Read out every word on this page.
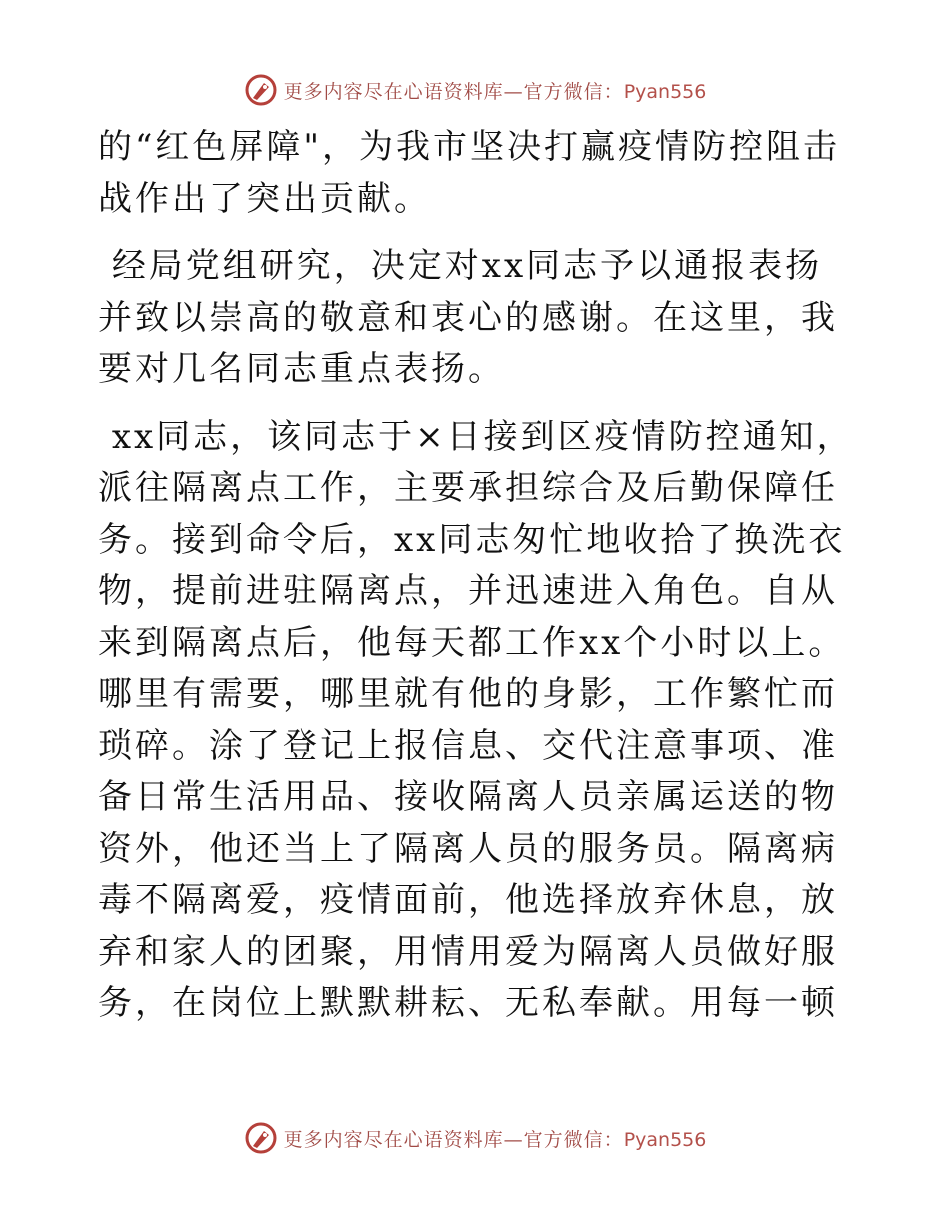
更多内容尽在心语资料库—官方微信：Pyan556

的“红色屏障"，为我市坚决打赢疫情防控阻击战作出了突出贡献。

经局党组研究，决定对xx同志予以通报表扬并致以崇高的敬意和衷心的感谢。在这里，我要对几名同志重点表扬。

xx同志，该同志于×日接到区疫情防控通知，派往隔离点工作，主要承担综合及后勤保障任务。接到命令后，xx同志匆忙地收拾了换洗衣物，提前进驻隔离点，并迅速进入角色。自从来到隔离点后，他每天都工作xx个小时以上。哪里有需要，哪里就有他的身影，工作繁忙而琐碎。涂了登记上报信息、交代注意事项、准备日常生活用品、接收隔离人员亲属运送的物资外，他还当上了隔离人员的服务员。隔离病毒不隔离爱，疫情面前，他选择放弃休息，放弃和家人的团聚，用情用爱为隔离人员做好服务，在岗位上默默耕耘、无私奉献。用每一顿

更多内容尽在心语资料库—官方微信：Pyan556
